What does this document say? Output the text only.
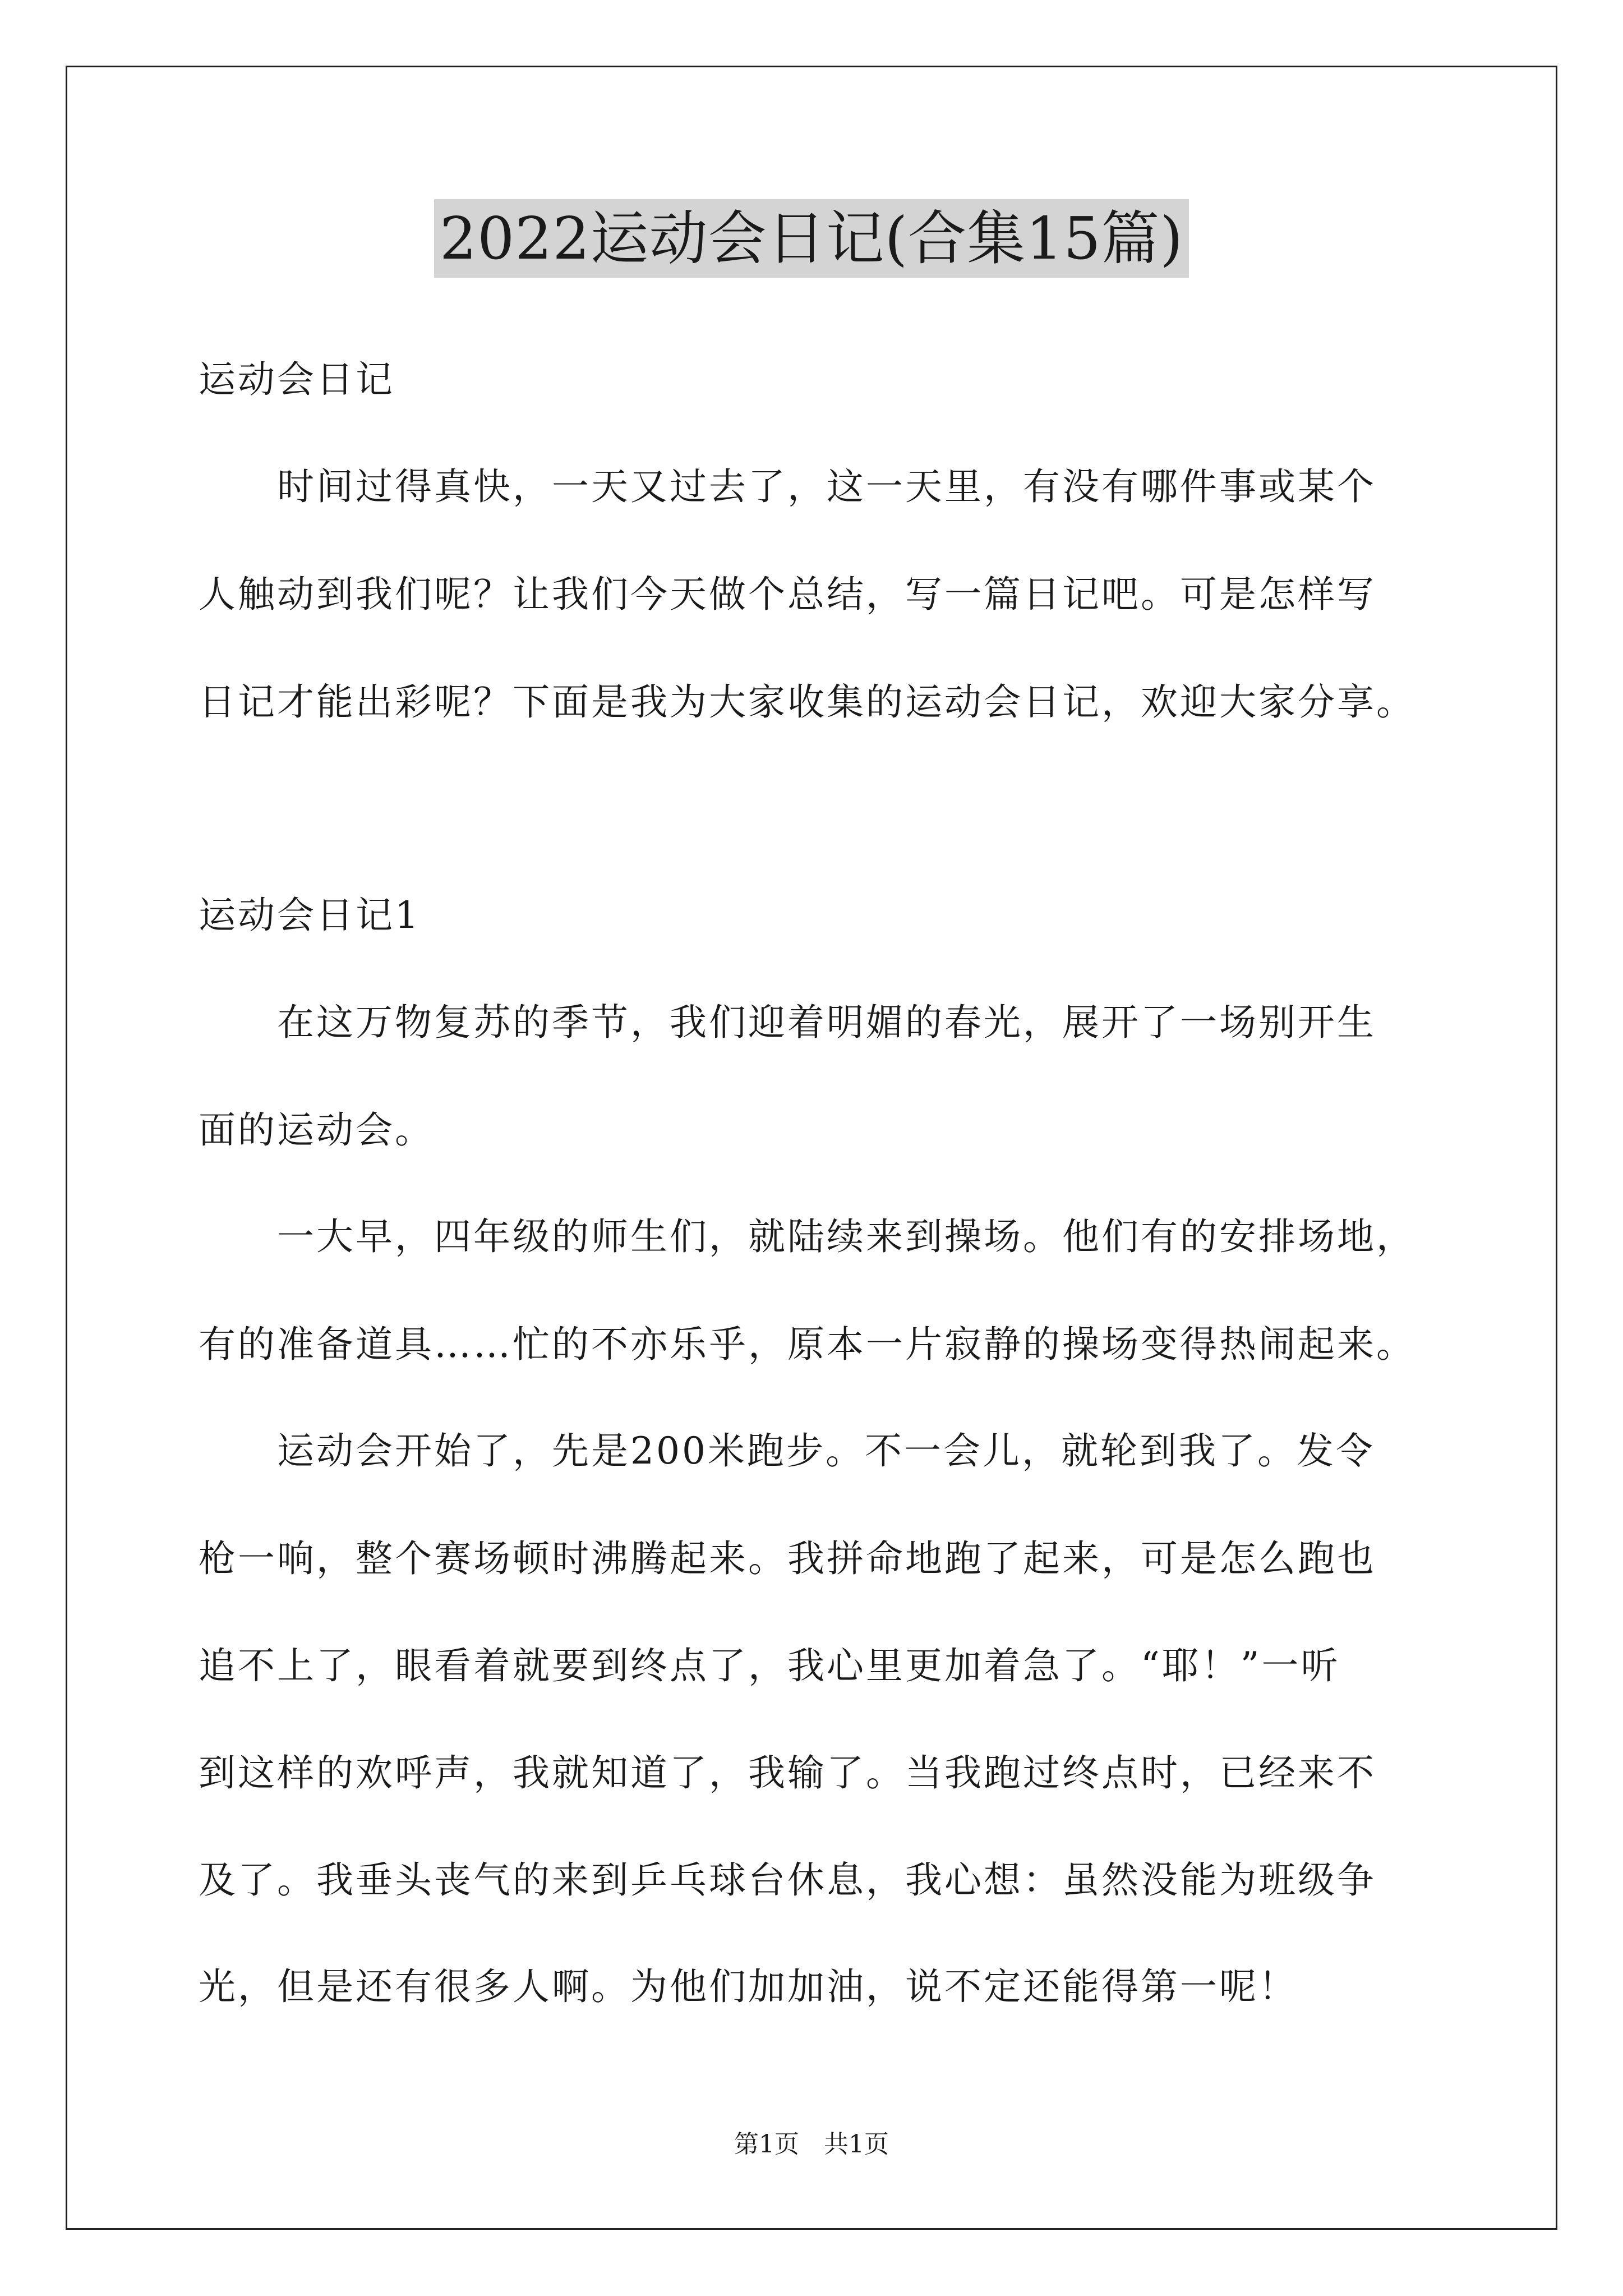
2022运动会日记(合集15篇)
运动会日记
　　时间过得真快，一天又过去了，这一天里，有没有哪件事或某个
人触动到我们呢？让我们今天做个总结，写一篇日记吧。可是怎样写
日记才能出彩呢？下面是我为大家收集的运动会日记，欢迎大家分享。
运动会日记1
　　在这万物复苏的季节，我们迎着明媚的春光，展开了一场别开生
面的运动会。
　　一大早，四年级的师生们，就陆续来到操场。他们有的安排场地，
有的准备道具……忙的不亦乐乎，原本一片寂静的操场变得热闹起来。
　　运动会开始了，先是200米跑步。不一会儿，就轮到我了。发令
枪一响，整个赛场顿时沸腾起来。我拼命地跑了起来，可是怎么跑也
追不上了，眼看着就要到终点了，我心里更加着急了。“耶！”一听
到这样的欢呼声，我就知道了，我输了。当我跑过终点时，已经来不
及了。我垂头丧气的来到乒乓球台休息，我心想：虽然没能为班级争
光，但是还有很多人啊。为他们加加油，说不定还能得第一呢！
第1页　共1页
